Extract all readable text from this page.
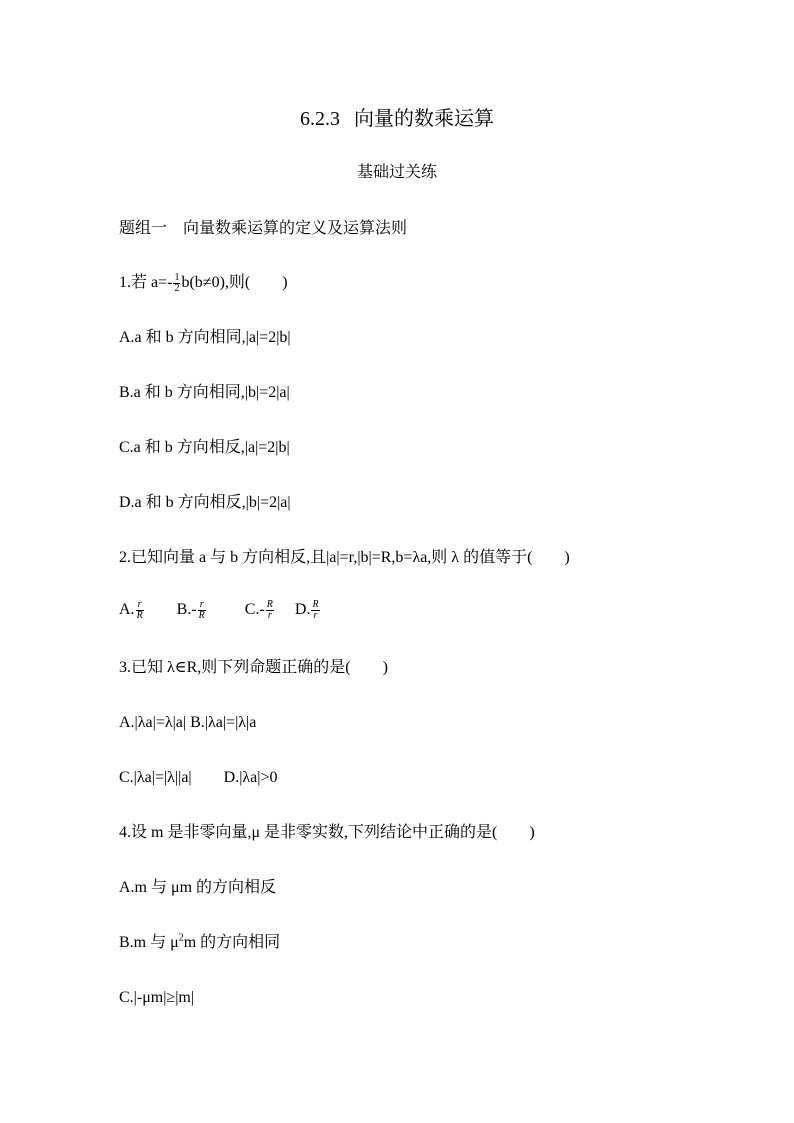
6.2.3 向量的数乘运算
基础过关练
题组一　向量数乘运算的定义及运算法则
1.若 $a=- \frac{1}{2} b(b\ne 0)$,则(　　)
A.a 和 b 方向相同,|a|=2|b|
B.a 和 b 方向相同,|b|=2|a|
C.a 和 b 方向相反,|a|=2|b|
D.a 和 b 方向相反,|b|=2|a|
2.已知向量 a 与 b 方向相反,且|a|=r,|b|=R,b=λa,则 λ 的值等于(　　)
A. $\frac{r}{R} B.- \frac{r}{R} C.- \frac{R}{r} D$. $\frac{R}{r}$
3.已知 λ∈R,则下列命题正确的是(　　)
A.|λa|=λ|a| B.|λa|=|λ|a
C.|λa|=|λ||a| D.|λa|>0
4.设 m 是非零向量,μ 是非零实数,下列结论中正确的是(　　)
A.m 与 μm 的方向相反
B.m 与 $\mu^2m$ 的方向相同
C.|-μm|≥|m|
